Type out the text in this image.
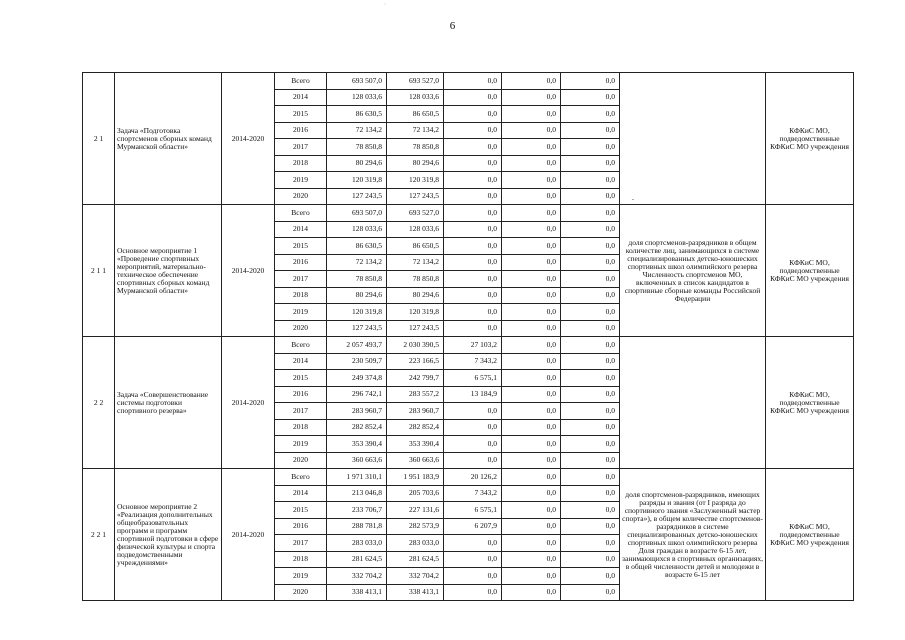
·
6
-
2 1	Задача «Подготовка спортсменов сборных команд Мурманской области»	2014-2020	Всего	693 507,0	693 527,0	0,0	0,0	0,0		КФКиС МО, подведомственные КФКиС МО учреждения
			2014	128 033,6	128 033,6	0,0	0,0	0,0		
			2015	86 630,5	86 650,5	0,0	0,0	0,0		
			2016	72 134,2	72 134,2	0,0	0,0	0,0		
			2017	78 850,8	78 850,8	0,0	0,0	0,0		
			2018	80 294,6	80 294,6	0,0	0,0	0,0		
			2019	120 319,8	120 319,8	0,0	0,0	0,0		
			2020	127 243,5	127 243,5	0,0	0,0	0,0		
2 1 1	Основное мероприятие 1 «Проведение спортивных мероприятий, материально-техническое обеспечение спортивных сборных команд Мурманской области»	2014-2020	Всего	693 507,0	693 527,0	0,0	0,0	0,0	доля спортсменов-разрядников в общем количестве лиц, занимающихся в системе специализированных детско-юношеских спортивных школ олимпийского резерва Численность спортсменов МО, включенных в список кандидатов в спортивные сборные команды Российской Федерации	КФКиС МО, подведомственные КФКиС МО учреждения
			2014	128 033,6	128 033,6	0,0	0,0	0,0		
			2015	86 630,5	86 650,5	0,0	0,0	0,0		
			2016	72 134,2	72 134,2	0,0	0,0	0,0		
			2017	78 850,8	78 850,8	0,0	0,0	0,0		
			2018	80 294,6	80 294,6	0,0	0,0	0,0		
			2019	120 319,8	120 319,8	0,0	0,0	0,0		
			2020	127 243,5	127 243,5	0,0	0,0	0,0		
2 2	Задача «Совершенствование системы подготовки спортивного резерва»	2014-2020	Всего	2 057 493,7	2 030 390,5	27 103,2	0,0	0,0		КФКиС МО, подведомственные КФКиС МО учреждения
			2014	230 509,7	223 166,5	7 343,2	0,0	0,0		
			2015	249 374,8	242 799,7	6 575,1	0,0	0,0		
			2016	296 742,1	283 557,2	13 184,9	0,0	0,0		
			2017	283 960,7	283 960,7	0,0	0,0	0,0		
			2018	282 852,4	282 852,4	0,0	0,0	0,0		
			2019	353 390,4	353 390,4	0,0	0,0	0,0		
			2020	360 663,6	360 663,6	0,0	0,0	0,0		
2 2 1	Основное мероприятие 2 «Реализация дополнительных общеобразовательных программ и программ спортивной подготовки в сфере физической культуры и спорта подведомственными учреждениями»	2014-2020	Всего	1 971 310,1	1 951 183,9	20 126,2	0,0	0,0	доля спортсменов-разрядников, имеющих разряды и звания (от I разряда до спортивного звания «Заслуженный мастер спорта»), в общем количестве спортсменов-разрядников в системе специализированных детско-юношеских спортивных школ олимпийского резерва Доля граждан в возрасте 6-15 лет, занимающихся в спортивных организациях, в общей численности детей и молодежи в возрасте 6-15 лет	КФКиС МО, подведомственные КФКиС МО учреждения
			2014	213 046,8	205 703,6	7 343,2	0,0	0,0		
			2015	233 706,7	227 131,6	6 575,1	0,0	0,0		
			2016	288 781,8	282 573,9	6 207,9	0,0	0,0		
			2017	283 033,0	283 033,0	0,0	0,0	0,0		
			2018	281 624,5	281 624,5	0,0	0,0	0,0		
			2019	332 704,2	332 704,2	0,0	0,0	0,0		
			2020	338 413,1	338 413,1	0,0	0,0	0,0		
